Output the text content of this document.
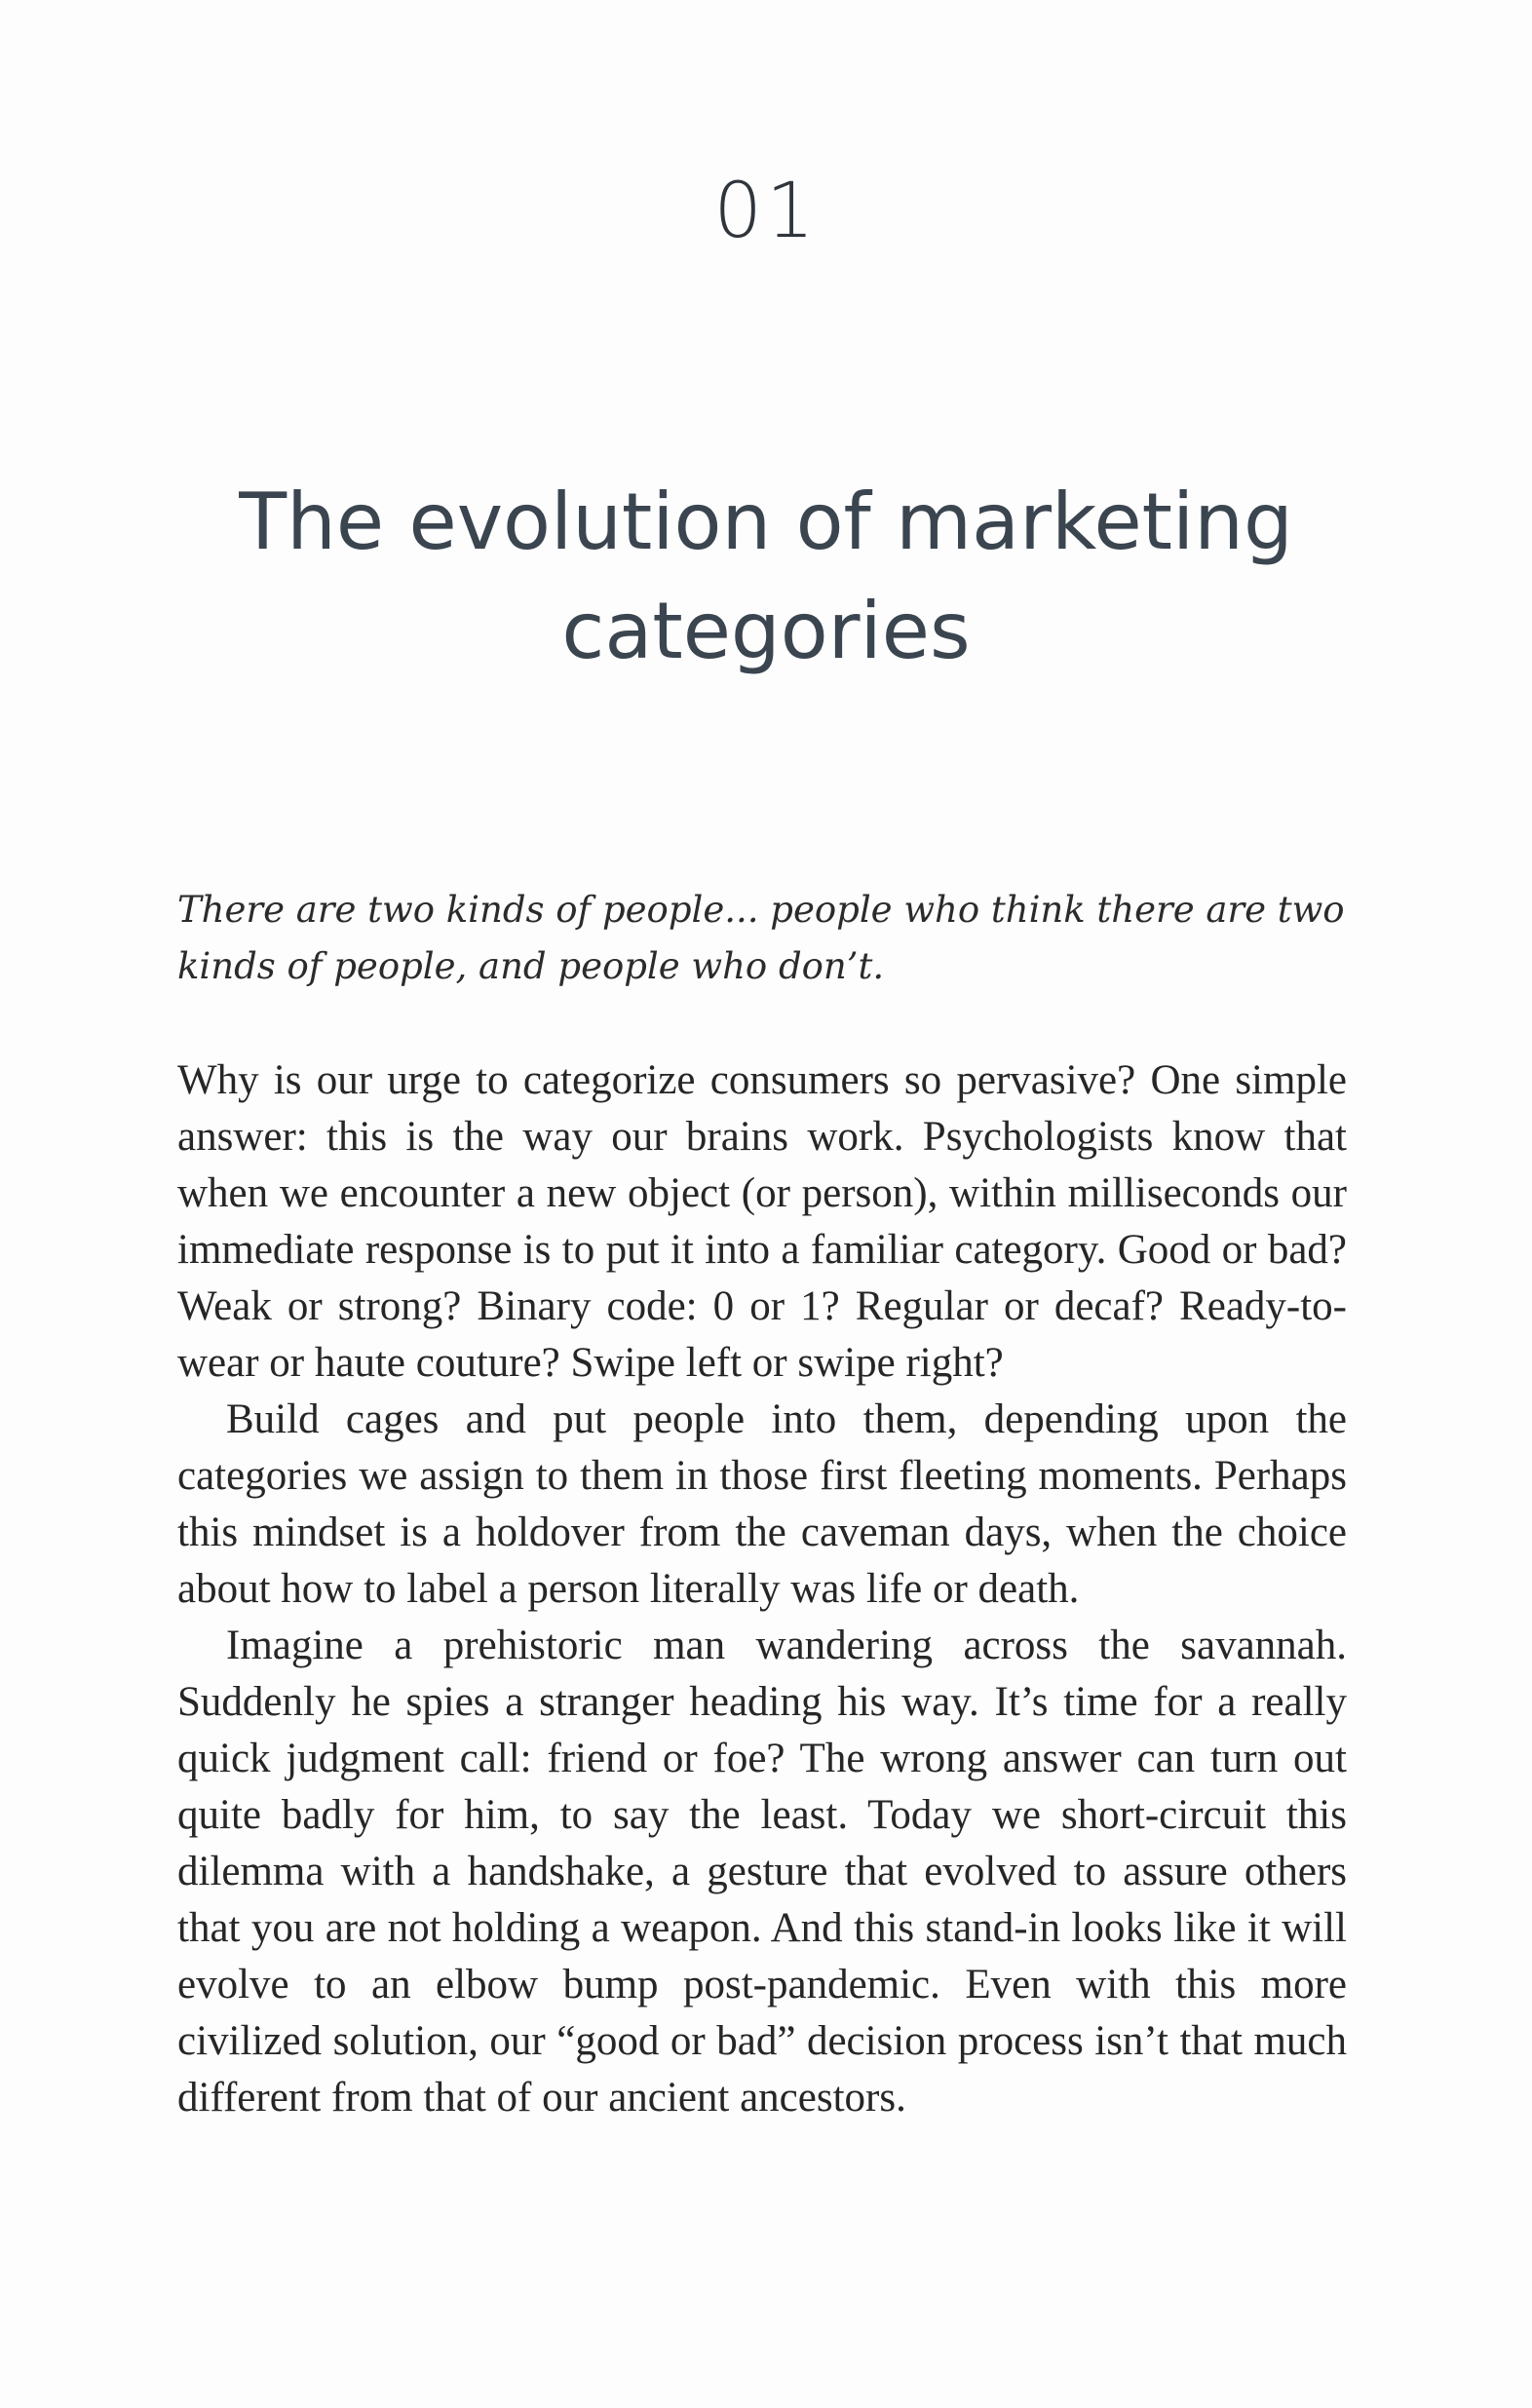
01
The evolution of marketing categories
There are two kinds of people... people who think there are two kinds of people, and people who don’t.

Why is our urge to categorize consumers so pervasive? One simple answer: this is the way our brains work. Psychologists know that when we encounter a new object (or person), within milliseconds our immediate response is to put it into a familiar category. Good or bad? Weak or strong? Binary code: 0 or 1? Regular or decaf? Ready-to-wear or haute couture? Swipe left or swipe right?

Build cages and put people into them, depending upon the categories we assign to them in those first fleeting moments. Perhaps this mindset is a holdover from the caveman days, when the choice about how to label a person literally was life or death.

Imagine a prehistoric man wandering across the savannah. Suddenly he spies a stranger heading his way. It’s time for a really quick judgment call: friend or foe? The wrong answer can turn out quite badly for him, to say the least. Today we short-circuit this dilemma with a handshake, a gesture that evolved to assure others that you are not holding a weapon. And this stand-in looks like it will evolve to an elbow bump post-pandemic. Even with this more civilized solution, our “good or bad” decision process isn’t that much different from that of our ancient ancestors.
